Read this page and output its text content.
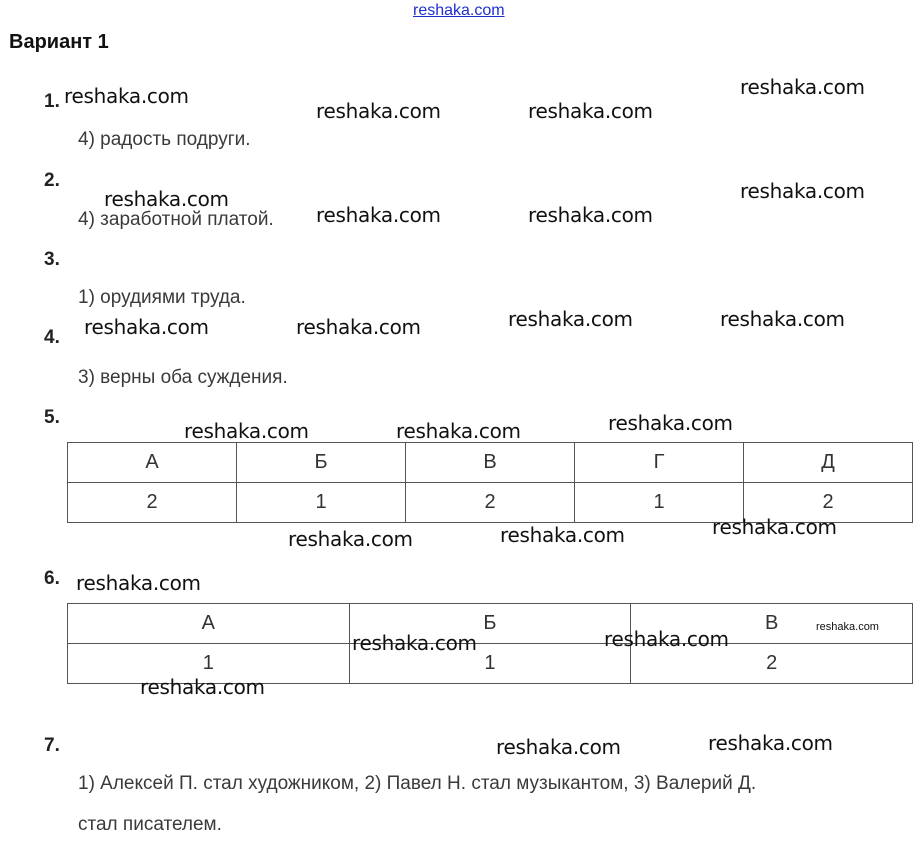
reshaka.com
Вариант 1
1.
4) радость подруги.
2.
4) заработной платой.
3.
1) орудиями труда.
4.
3) верны оба суждения.
5.
А	Б	В	Г	Д
2	1	2	1	2
6.
А	Б	В
1	1	2
7.
1) Алексей П. стал художником, 2) Павел Н. стал музыкантом, 3) Валерий Д.
стал писателем.
reshaka.com
reshaka.com	reshaka.com
reshaka.com
reshaka.com
reshaka.com	reshaka.com
reshaka.com
reshaka.com	reshaka.com	reshaka.com	reshaka.com
reshaka.com	reshaka.com	reshaka.com
reshaka.com	reshaka.com	reshaka.com
reshaka.com
reshaka.com	reshaka.com	reshaka.com
reshaka.com
reshaka.com	reshaka.com
